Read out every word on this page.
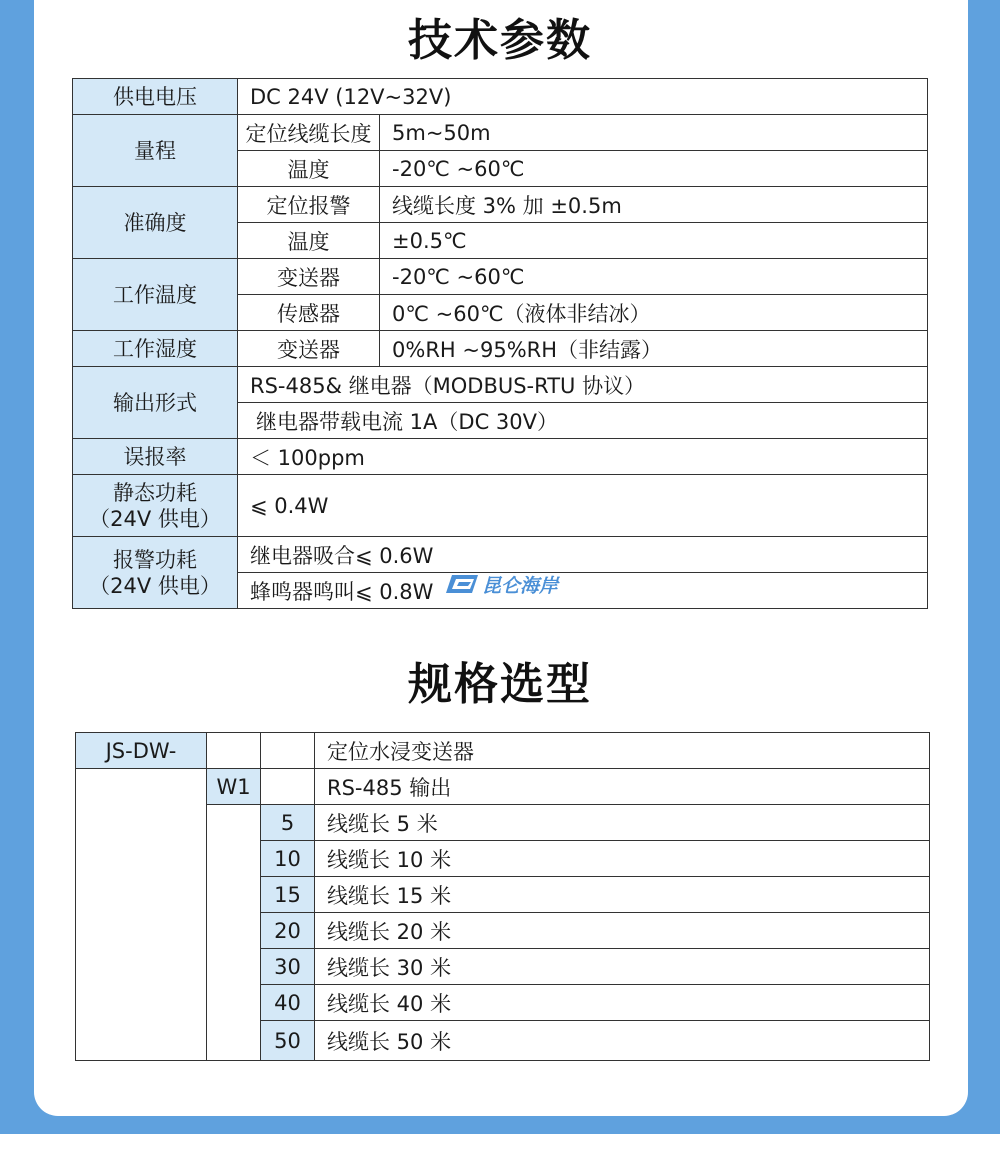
技术参数
供电电压	DC 24V (12V~32V)	
量程	定位线缆长度	5m~50m
	温度	-20℃ ~60℃
准确度	定位报警	线缆长度 3% 加 ±0.5m
	温度	±0.5℃
工作温度	变送器	-20℃ ~60℃
	传感器	0℃ ~60℃（液体非结冰）
工作湿度	变送器	0%RH ~95%RH（非结露）
输出形式	RS-485& 继电器（MODBUS-RTU 协议）	
	继电器带载电流 1A（DC 30V）	
误报率	＜ 100ppm	

静态功耗
（24V 供电）	⩽ 0.4W	

报警功耗
（24V 供电）	继电器吸合⩽ 0.6W	
	蜂鸣器鸣叫⩽ 0.8W		昆仑海岸
规格选型
JS-DW-			定位水浸变送器
	W1		RS-485 输出
		5	线缆长 5 米
		10	线缆长 10 米
		15	线缆长 15 米
		20	线缆长 20 米
		30	线缆长 30 米
		40	线缆长 40 米
		50	线缆长 50 米
